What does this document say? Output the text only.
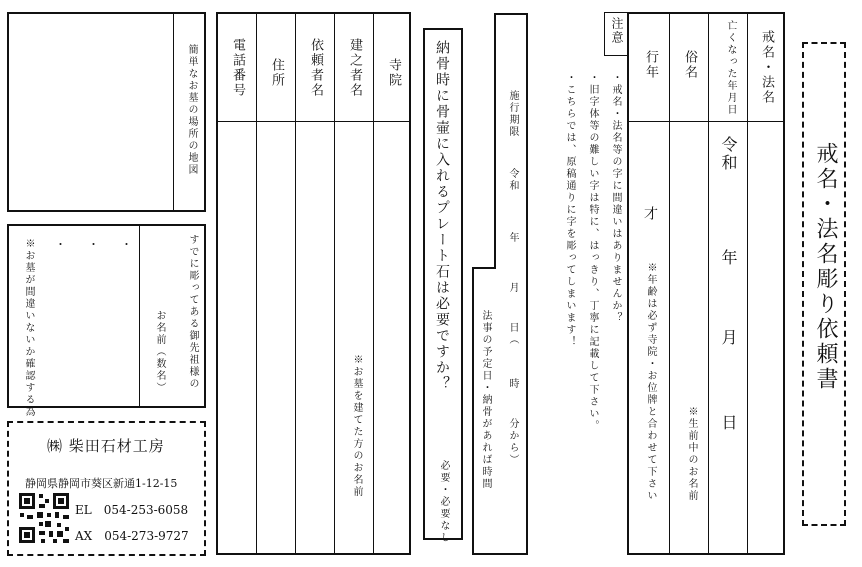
戒名・法名彫り依頼書
戒名・法名
亡くなった年月日
令和
年
月
日
俗名
※生前中のお名前
行年
才
※年齢は必ず寺院・お位牌と合わせて下さい
注意
・戒名・法名等の字に間違いはありませんか？
・旧字体等の難しい字は特に、はっきり、丁寧に記載して下さい。
・こちらでは、原稿通りに字を彫ってしまいます！
施行期限
令和
年
月
日（
時
分から）
法事の予定日・納骨があれば時間
納骨時に骨壷に入れるプレート石は必要ですか？
必要・必要なし
寺院
建之者名
※お墓を建てた方のお名前
依頼者名
住所
電話番号
簡単なお墓の場所の地図
すでに彫ってある御先祖様の
お名前（数名）
・　　・　　・
※お墓が間違いないか確認する為
㈱ 柴田石材工房
静岡県静岡市葵区新通1-12-15
EL　054-253-6058
AX　054-273-9727
